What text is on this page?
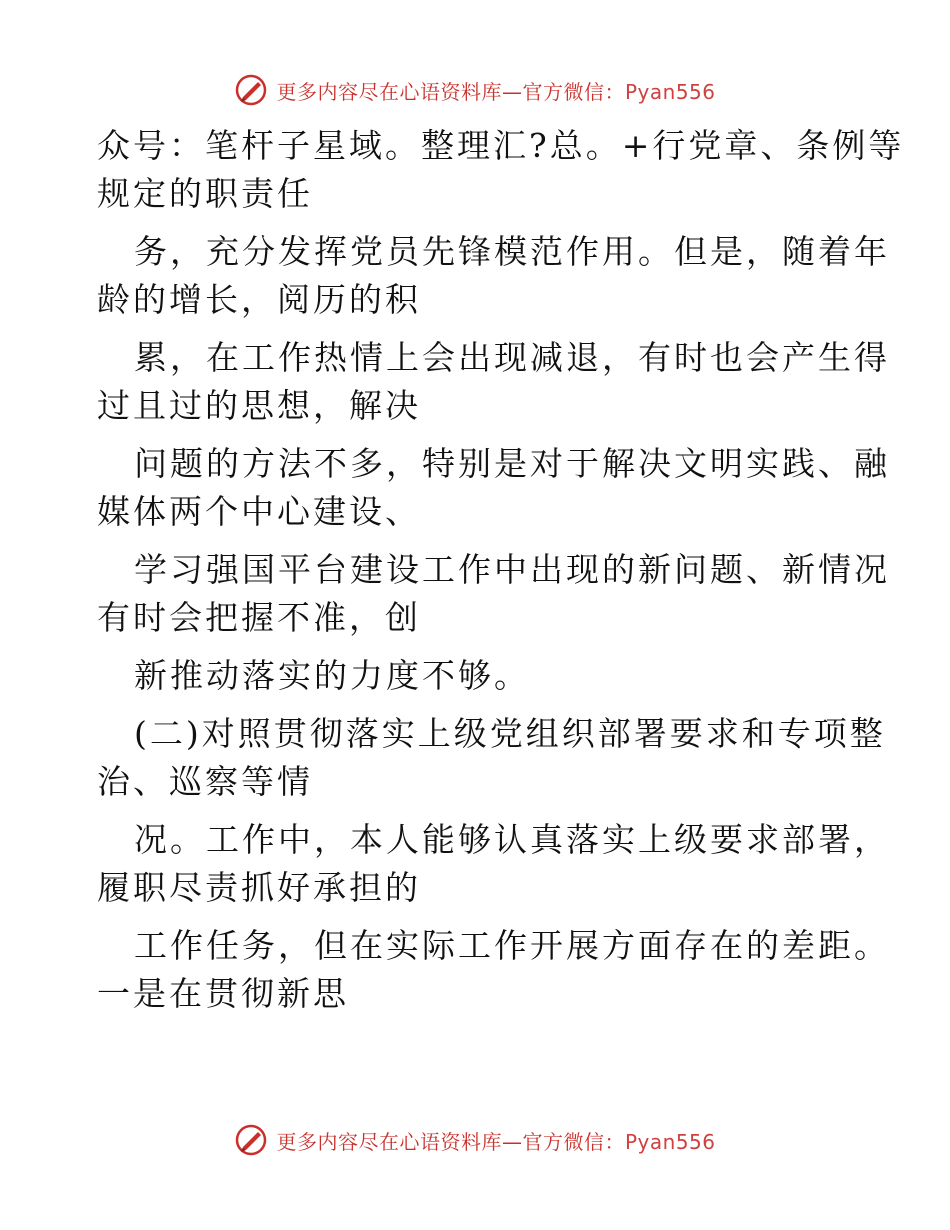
更多内容尽在心语资料库—官方微信：Pyan556
众号：笔杆子星域。整理汇?总。+行党章、条例等
规定的职责任
务，充分发挥党员先锋模范作用。但是，随着年
龄的增长，阅历的积
累，在工作热情上会出现减退，有时也会产生得
过且过的思想，解决
问题的方法不多，特别是对于解决文明实践、融
媒体两个中心建设、
学习强国平台建设工作中出现的新问题、新情况
有时会把握不准，创
新推动落实的力度不够。
(二)对照贯彻落实上级党组织部署要求和专项整
治、巡察等情
况。工作中，本人能够认真落实上级要求部署，
履职尽责抓好承担的
工作任务，但在实际工作开展方面存在的差距。
一是在贯彻新思
更多内容尽在心语资料库—官方微信：Pyan556
